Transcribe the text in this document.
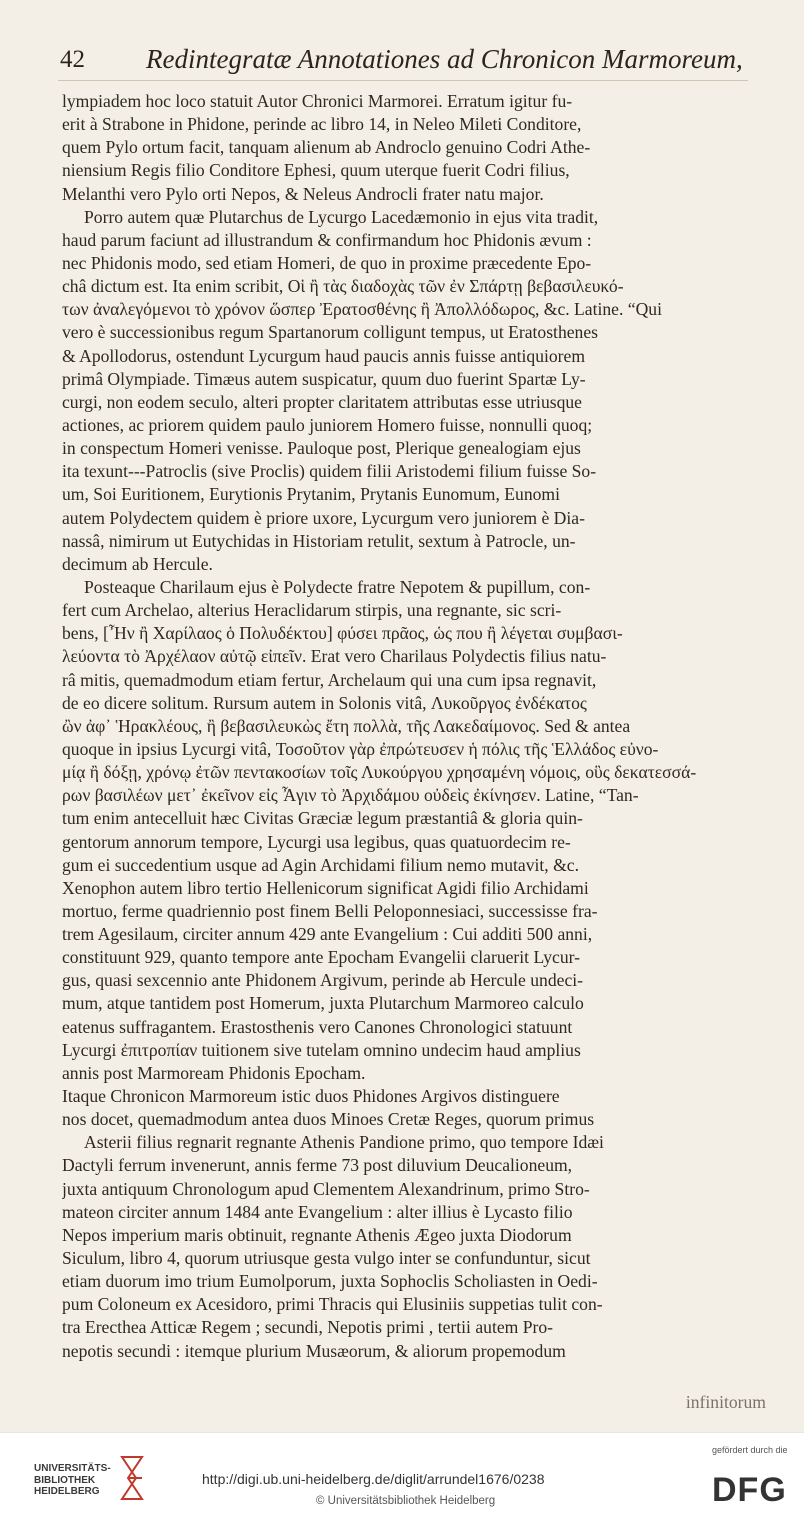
42 Redintegratæ Annotationes ad Chronicon Marmoreum,
lympiadem hoc loco statuit Autor Chronici Marmorei. Erratum igitur fu-
erit à Strabone in Phidone, perinde ac libro 14, in Neleo Mileti Conditore,
quem Pylo ortum facit, tanquam alienum ab Androclo genuino Codri Athe-
niensium Regis filio Conditore Ephesi, quum uterque fuerit Codri filius,
Melanthi vero Pylo orti Nepos, & Neleus Androcli frater natu major.
Porro autem quæ Plutarchus de Lycurgo Lacedæmonio in ejus vita tradit,
haud parum faciunt ad illustrandum & confirmandum hoc Phidonis ævum :
nec Phidonis modo, sed etiam Homeri, de quo in proxime præcedente Epo-
châ dictum est. Ita enim scribit, Οἱ ἢ τὰς διαδοχὰς τῶν ἐν Σπάρτῃ βεβασιλευκό-
των ἀναλεγόμενοι τὸ χρόνον ὥσπερ Ἐρατοσθένης ἢ Ἀπολλόδωρος, &c. Latine. “Qui
vero è successionibus regum Spartanorum colligunt tempus, ut Eratosthenes
& Apollodorus, ostendunt Lycurgum haud paucis annis fuisse antiquiorem
primâ Olympiade. Timæus autem suspicatur, quum duo fuerint Spartæ Ly-
curgi, non eodem seculo, alteri propter claritatem attributas esse utriusque
actiones, ac priorem quidem paulo juniorem Homero fuisse, nonnulli quoq;
in conspectum Homeri venisse. Pauloque post, Plerique genealogiam ejus
ita texunt---Patroclis (sive Proclis) quidem filii Aristodemi filium fuisse So-
um, Soi Euritionem, Eurytionis Prytanim, Prytanis Eunomum, Eunomi
autem Polydectem quidem è priore uxore, Lycurgum vero juniorem è Dia-
nassâ, nimirum ut Eutychidas in Historiam retulit, sextum à Patrocle, un-
decimum ab Hercule.
Posteaque Charilaum ejus è Polydecte fratre Nepotem & pupillum, con-
fert cum Archelao, alterius Heraclidarum stirpis, una regnante, sic scri-
bens, [Ἦν ἢ Χαρίλαος ὁ Πολυδέκτου] φύσει πρᾶος, ὡς που ἢ λέγεται συμβασι-
λεύοντα τὸ Ἀρχέλαον αὐτῷ εἰπεῖν. Erat vero Charilaus Polydectis filius natu-
râ mitis, quemadmodum etiam fertur, Archelaum qui una cum ipsa regnavit,
de eo dicere solitum. Rursum autem in Solonis vitâ, Λυκοῦργος ἐνδέκατος
ὢν ἀφ᾽ Ἡρακλέους, ἢ βεβασιλευκὼς ἔτη πολλὰ, τῆς Λακεδαίμονος. Sed & antea
quoque in ipsius Lycurgi vitâ, Τοσοῦτον γὰρ ἐπρώτευσεν ἡ πόλις τῆς Ἑλλάδος εὐνο-
μίᾳ ἢ δόξῃ, χρόνῳ ἐτῶν πεντακοσίων τοῖς Λυκούργου χρησαμένη νόμοις, οὓς δεκατεσσά-
ρων βασιλέων μετ᾽ ἐκεῖνον εἰς Ἆγιν τὸ Ἀρχιδάμου οὐδεὶς ἐκίνησεν. Latine, “Tan-
tum enim antecelluit hæc Civitas Græciæ legum præstantiâ & gloria quin-
gentorum annorum tempore, Lycurgi usa legibus, quas quatuordecim re-
gum ei succedentium usque ad Agin Archidami filium nemo mutavit, &c.
Xenophon autem libro tertio Hellenicorum significat Agidi filio Archidami
mortuo, ferme quadriennio post finem Belli Peloponnesiaci, successisse fra-
trem Agesilaum, circiter annum 429 ante Evangelium : Cui additi 500 anni,
constituunt 929, quanto tempore ante Epocham Evangelii claruerit Lycur-
gus, quasi sexcennio ante Phidonem Argivum, perinde ab Hercule undeci-
mum, atque tantidem post Homerum, juxta Plutarchum Marmoreo calculo
eatenus suffragantem. Erastosthenis vero Canones Chronologici statuunt
Lycurgi ἐπιτροπίαν tuitionem sive tutelam omnino undecim haud amplius
annis post Marmoream Phidonis Epocham.
Itaque Chronicon Marmoreum istic duos Phidones Argivos distinguere
nos docet, quemadmodum antea duos Minoes Cretæ Reges, quorum primus
Asterii filius regnarit regnante Athenis Pandione primo, quo tempore Idæi
Dactyli ferrum invenerunt, annis ferme 73 post diluvium Deucalioneum,
juxta antiquum Chronologum apud Clementem Alexandrinum, primo Stro-
mateon circiter annum 1484 ante Evangelium : alter illius è Lycasto filio
Nepos imperium maris obtinuit, regnante Athenis Ægeo juxta Diodorum
Siculum, libro 4, quorum utriusque gesta vulgo inter se confunduntur, sicut
etiam duorum imo trium Eumolporum, juxta Sophoclis Scholiasten in Oedi-
pum Coloneum ex Acesidoro, primi Thracis qui Elusiniis suppetias tulit con-
tra Erecthea Atticæ Regem ; secundi, Nepotis primi , tertii autem Pro-
nepotis secundi : itemque plurium Musæorum, & aliorum propemodum
infinitorum
UNIVERSITÄTS-
BIBLIOTHEK
HEIDELBERG
http://digi.ub.uni-heidelberg.de/diglit/arrundel1676/0238
© Universitätsbibliothek Heidelberg
gefördert durch die
DFG
